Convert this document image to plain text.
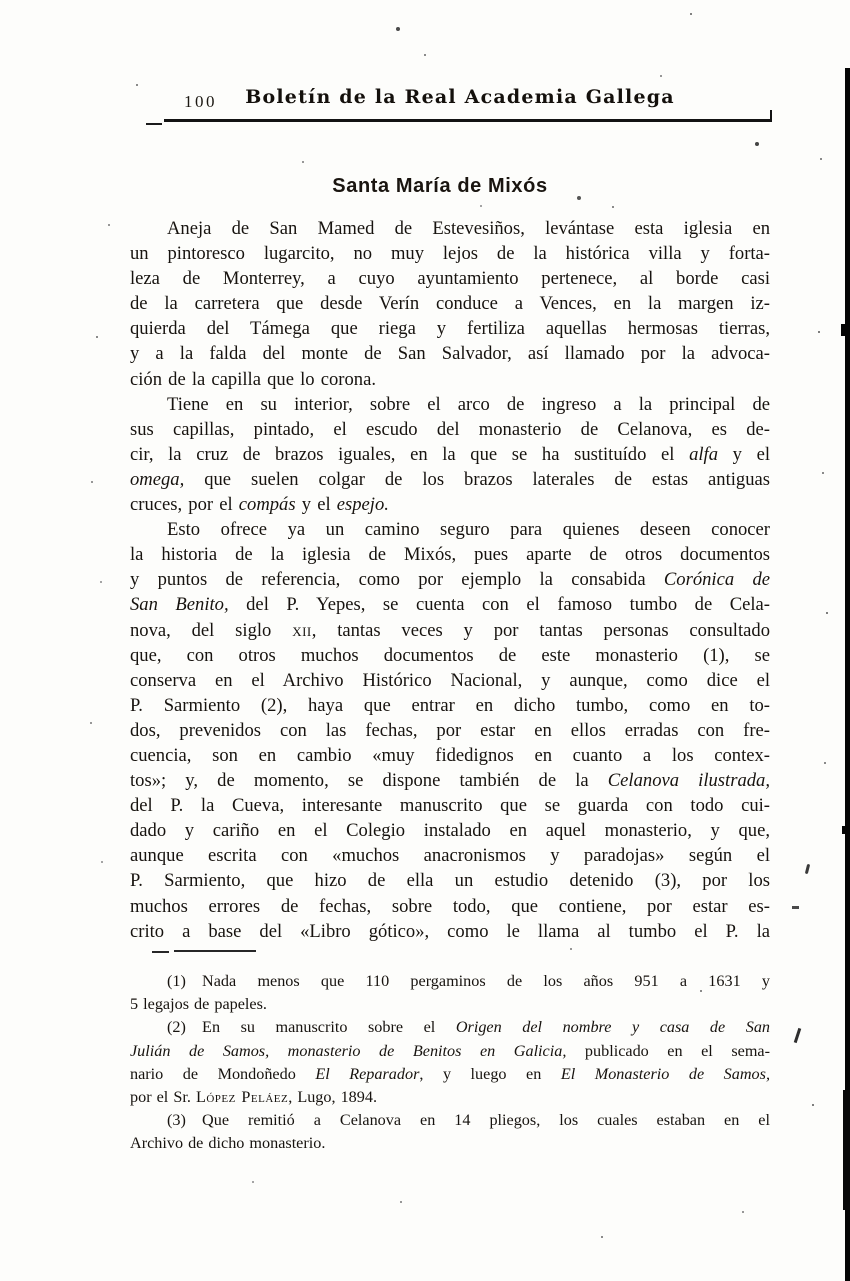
100	Boletín de la Real Academia Gallega
Santa María de Mixós
Aneja de San Mamed de Estevesiños, levántase esta iglesia en
un pintoresco lugarcito, no muy lejos de la histórica villa y forta-
leza de Monterrey, a cuyo ayuntamiento pertenece, al borde casi
de la carretera que desde Verín conduce a Vences, en la margen iz-
quierda del Támega que riega y fertiliza aquellas hermosas tierras,
y a la falda del monte de San Salvador, así llamado por la advoca-
ción de la capilla que lo corona.
Tiene en su interior, sobre el arco de ingreso a la principal de
sus capillas, pintado, el escudo del monasterio de Celanova, es de-
cir, la cruz de brazos iguales, en la que se ha sustituído el alfa y el
omega, que suelen colgar de los brazos laterales de estas antiguas
cruces, por el compás y el espejo.
Esto ofrece ya un camino seguro para quienes deseen conocer
la historia de la iglesia de Mixós, pues aparte de otros documentos
y puntos de referencia, como por ejemplo la consabida Corónica de
San Benito, del P. Yepes, se cuenta con el famoso tumbo de Cela-
nova, del siglo xii, tantas veces y por tantas personas consultado
que, con otros muchos documentos de este monasterio (1), se
conserva en el Archivo Histórico Nacional, y aunque, como dice el
P. Sarmiento (2), haya que entrar en dicho tumbo, como en to-
dos, prevenidos con las fechas, por estar en ellos erradas con fre-
cuencia, son en cambio «muy fidedignos en cuanto a los contex-
tos»; y, de momento, se dispone también de la Celanova ilustrada,
del P. la Cueva, interesante manuscrito que se guarda con todo cui-
dado y cariño en el Colegio instalado en aquel monasterio, y que,
aunque escrita con «muchos anacronismos y paradojas» según el
P. Sarmiento, que hizo de ella un estudio detenido (3), por los
muchos errores de fechas, sobre todo, que contiene, por estar es-
crito a base del «Libro gótico», como le llama al tumbo el P. la
(1) Nada menos que 110 pergaminos de los años 951 a 1631 y
5 legajos de papeles.
(2) En su manuscrito sobre el Origen del nombre y casa de San
Julián de Samos, monasterio de Benitos en Galicia, publicado en el sema-
nario de Mondoñedo El Reparador, y luego en El Monasterio de Samos,
por el Sr. López Peláez, Lugo, 1894.
(3) Que remitió a Celanova en 14 pliegos, los cuales estaban en el
Archivo de dicho monasterio.
